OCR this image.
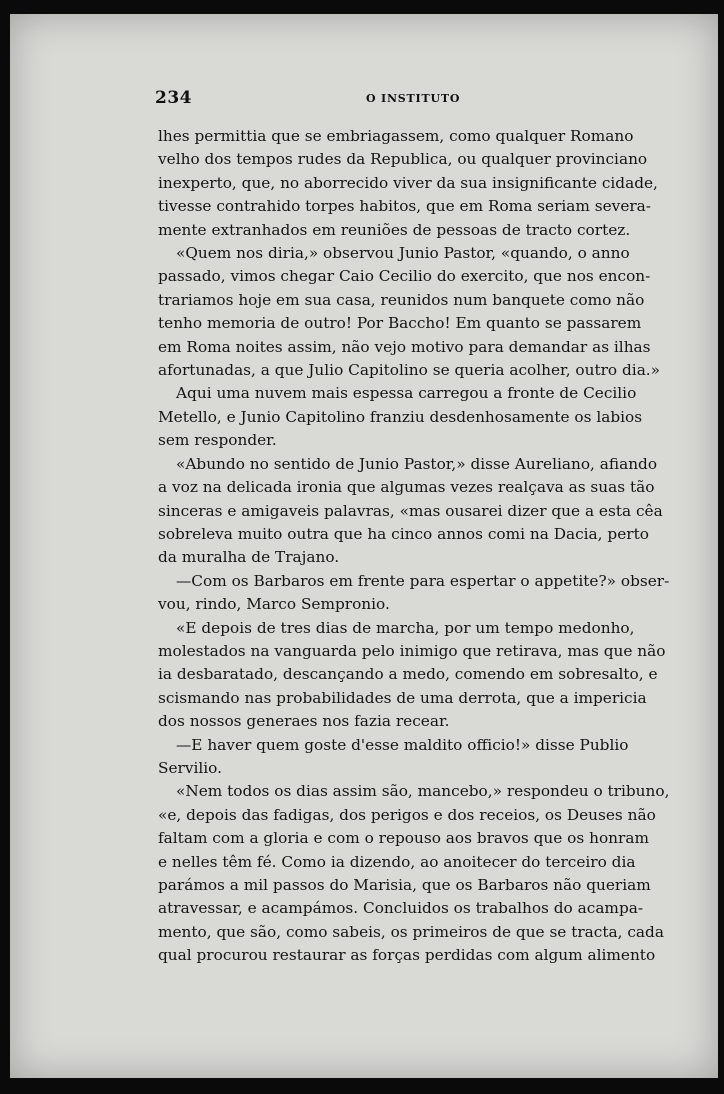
234	O INSTITUTO
lhes permittia que se embriagassem, como qualquer Romano
velho dos tempos rudes da Republica, ou qualquer provinciano
inexperto, que, no aborrecido viver da sua insignificante cidade,
tivesse contrahido torpes habitos, que em Roma seriam severa-
mente extranhados em reuniões de pessoas de tracto cortez.
«Quem nos diria,» observou Junio Pastor, «quando, o anno
passado, vimos chegar Caio Cecilio do exercito, que nos encon-
trariamos hoje em sua casa, reunidos num banquete como não
tenho memoria de outro! Por Baccho! Em quanto se passarem
em Roma noites assim, não vejo motivo para demandar as ilhas
afortunadas, a que Julio Capitolino se queria acolher, outro dia.»
Aqui uma nuvem mais espessa carregou a fronte de Cecilio
Metello, e Junio Capitolino franziu desdenhosamente os labios
sem responder.
«Abundo no sentido de Junio Pastor,» disse Aureliano, afiando
a voz na delicada ironia que algumas vezes realçava as suas tão
sinceras e amigaveis palavras, «mas ousarei dizer que a esta cêa
sobreleva muito outra que ha cinco annos comi na Dacia, perto
da muralha de Trajano.
—Com os Barbaros em frente para espertar o appetite?» obser-
vou, rindo, Marco Sempronio.
«E depois de tres dias de marcha, por um tempo medonho,
molestados na vanguarda pelo inimigo que retirava, mas que não
ia desbaratado, descançando a medo, comendo em sobresalto, e
scismando nas probabilidades de uma derrota, que a impericia
dos nossos generaes nos fazia recear.
—E haver quem goste d'esse maldito officio!» disse Publio
Servilio.
«Nem todos os dias assim são, mancebo,» respondeu o tribuno,
«e, depois das fadigas, dos perigos e dos receios, os Deuses não
faltam com a gloria e com o repouso aos bravos que os honram
e nelles têm fé. Como ia dizendo, ao anoitecer do terceiro dia
parámos a mil passos do Marisia, que os Barbaros não queriam
atravessar, e acampámos. Concluidos os trabalhos do acampa-
mento, que são, como sabeis, os primeiros de que se tracta, cada
qual procurou restaurar as forças perdidas com algum alimento
